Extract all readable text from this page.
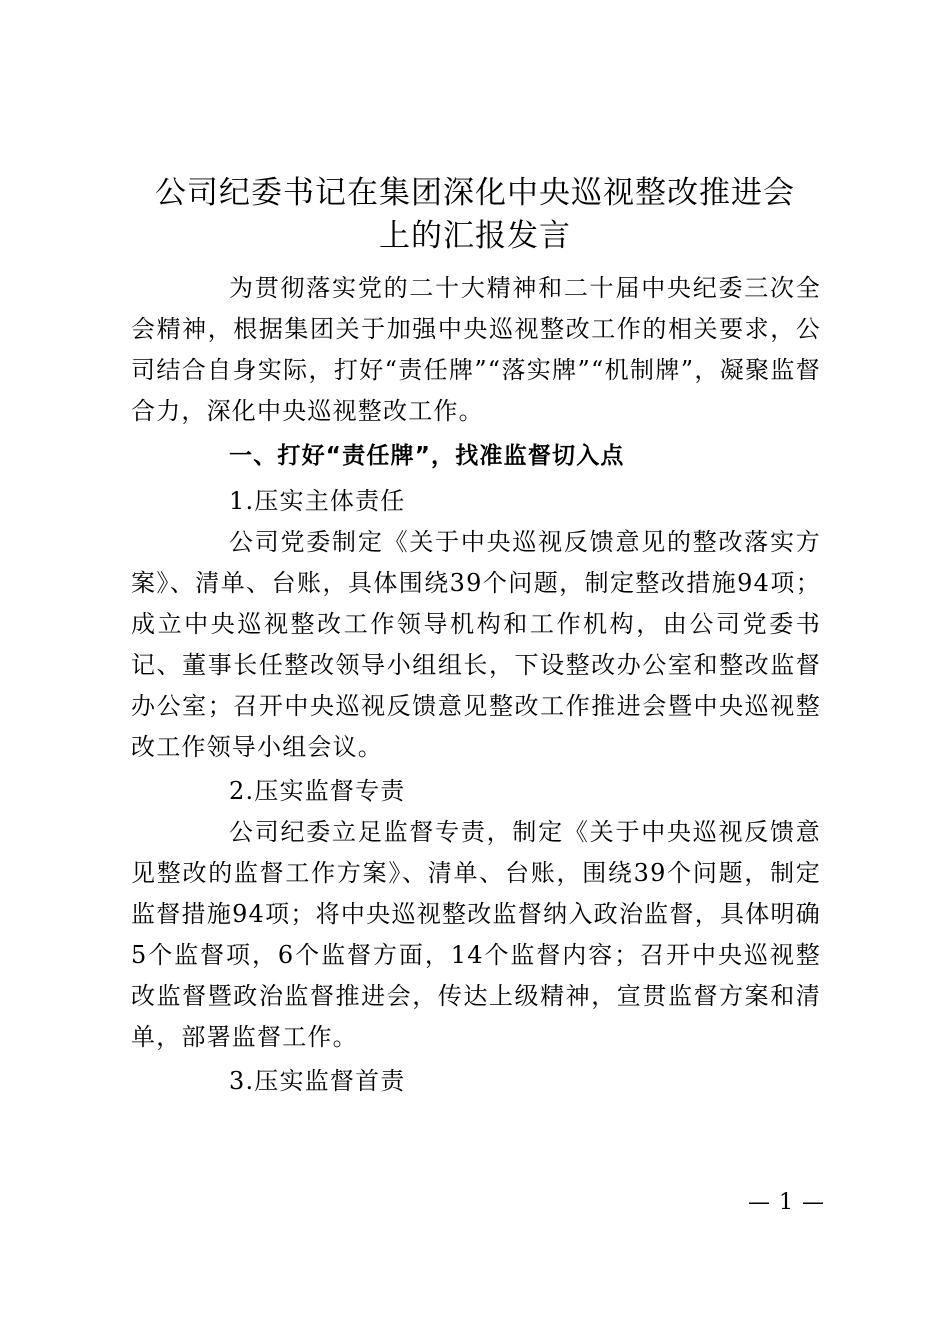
公司纪委书记在集团深化中央巡视整改推进会
上的汇报发言

为贯彻落实党的二十大精神和二十届中央纪委三次全会精神，根据集团关于加强中央巡视整改工作的相关要求，公司结合自身实际，打好“责任牌”“落实牌”“机制牌”，凝聚监督合力，深化中央巡视整改工作。

一、打好“责任牌”，找准监督切入点

1.压实主体责任

公司党委制定《关于中央巡视反馈意见的整改落实方案》、清单、台账，具体围绕39个问题，制定整改措施94项；成立中央巡视整改工作领导机构和工作机构，由公司党委书记、董事长任整改领导小组组长，下设整改办公室和整改监督办公室；召开中央巡视反馈意见整改工作推进会暨中央巡视整改工作领导小组会议。

2.压实监督专责

公司纪委立足监督专责，制定《关于中央巡视反馈意见整改的监督工作方案》、清单、台账，围绕39个问题，制定监督措施94项；将中央巡视整改监督纳入政治监督，具体明确5个监督项，6个监督方面，14个监督内容；召开中央巡视整改监督暨政治监督推进会，传达上级精神，宣贯监督方案和清单，部署监督工作。

3.压实监督首责

— 1 —
